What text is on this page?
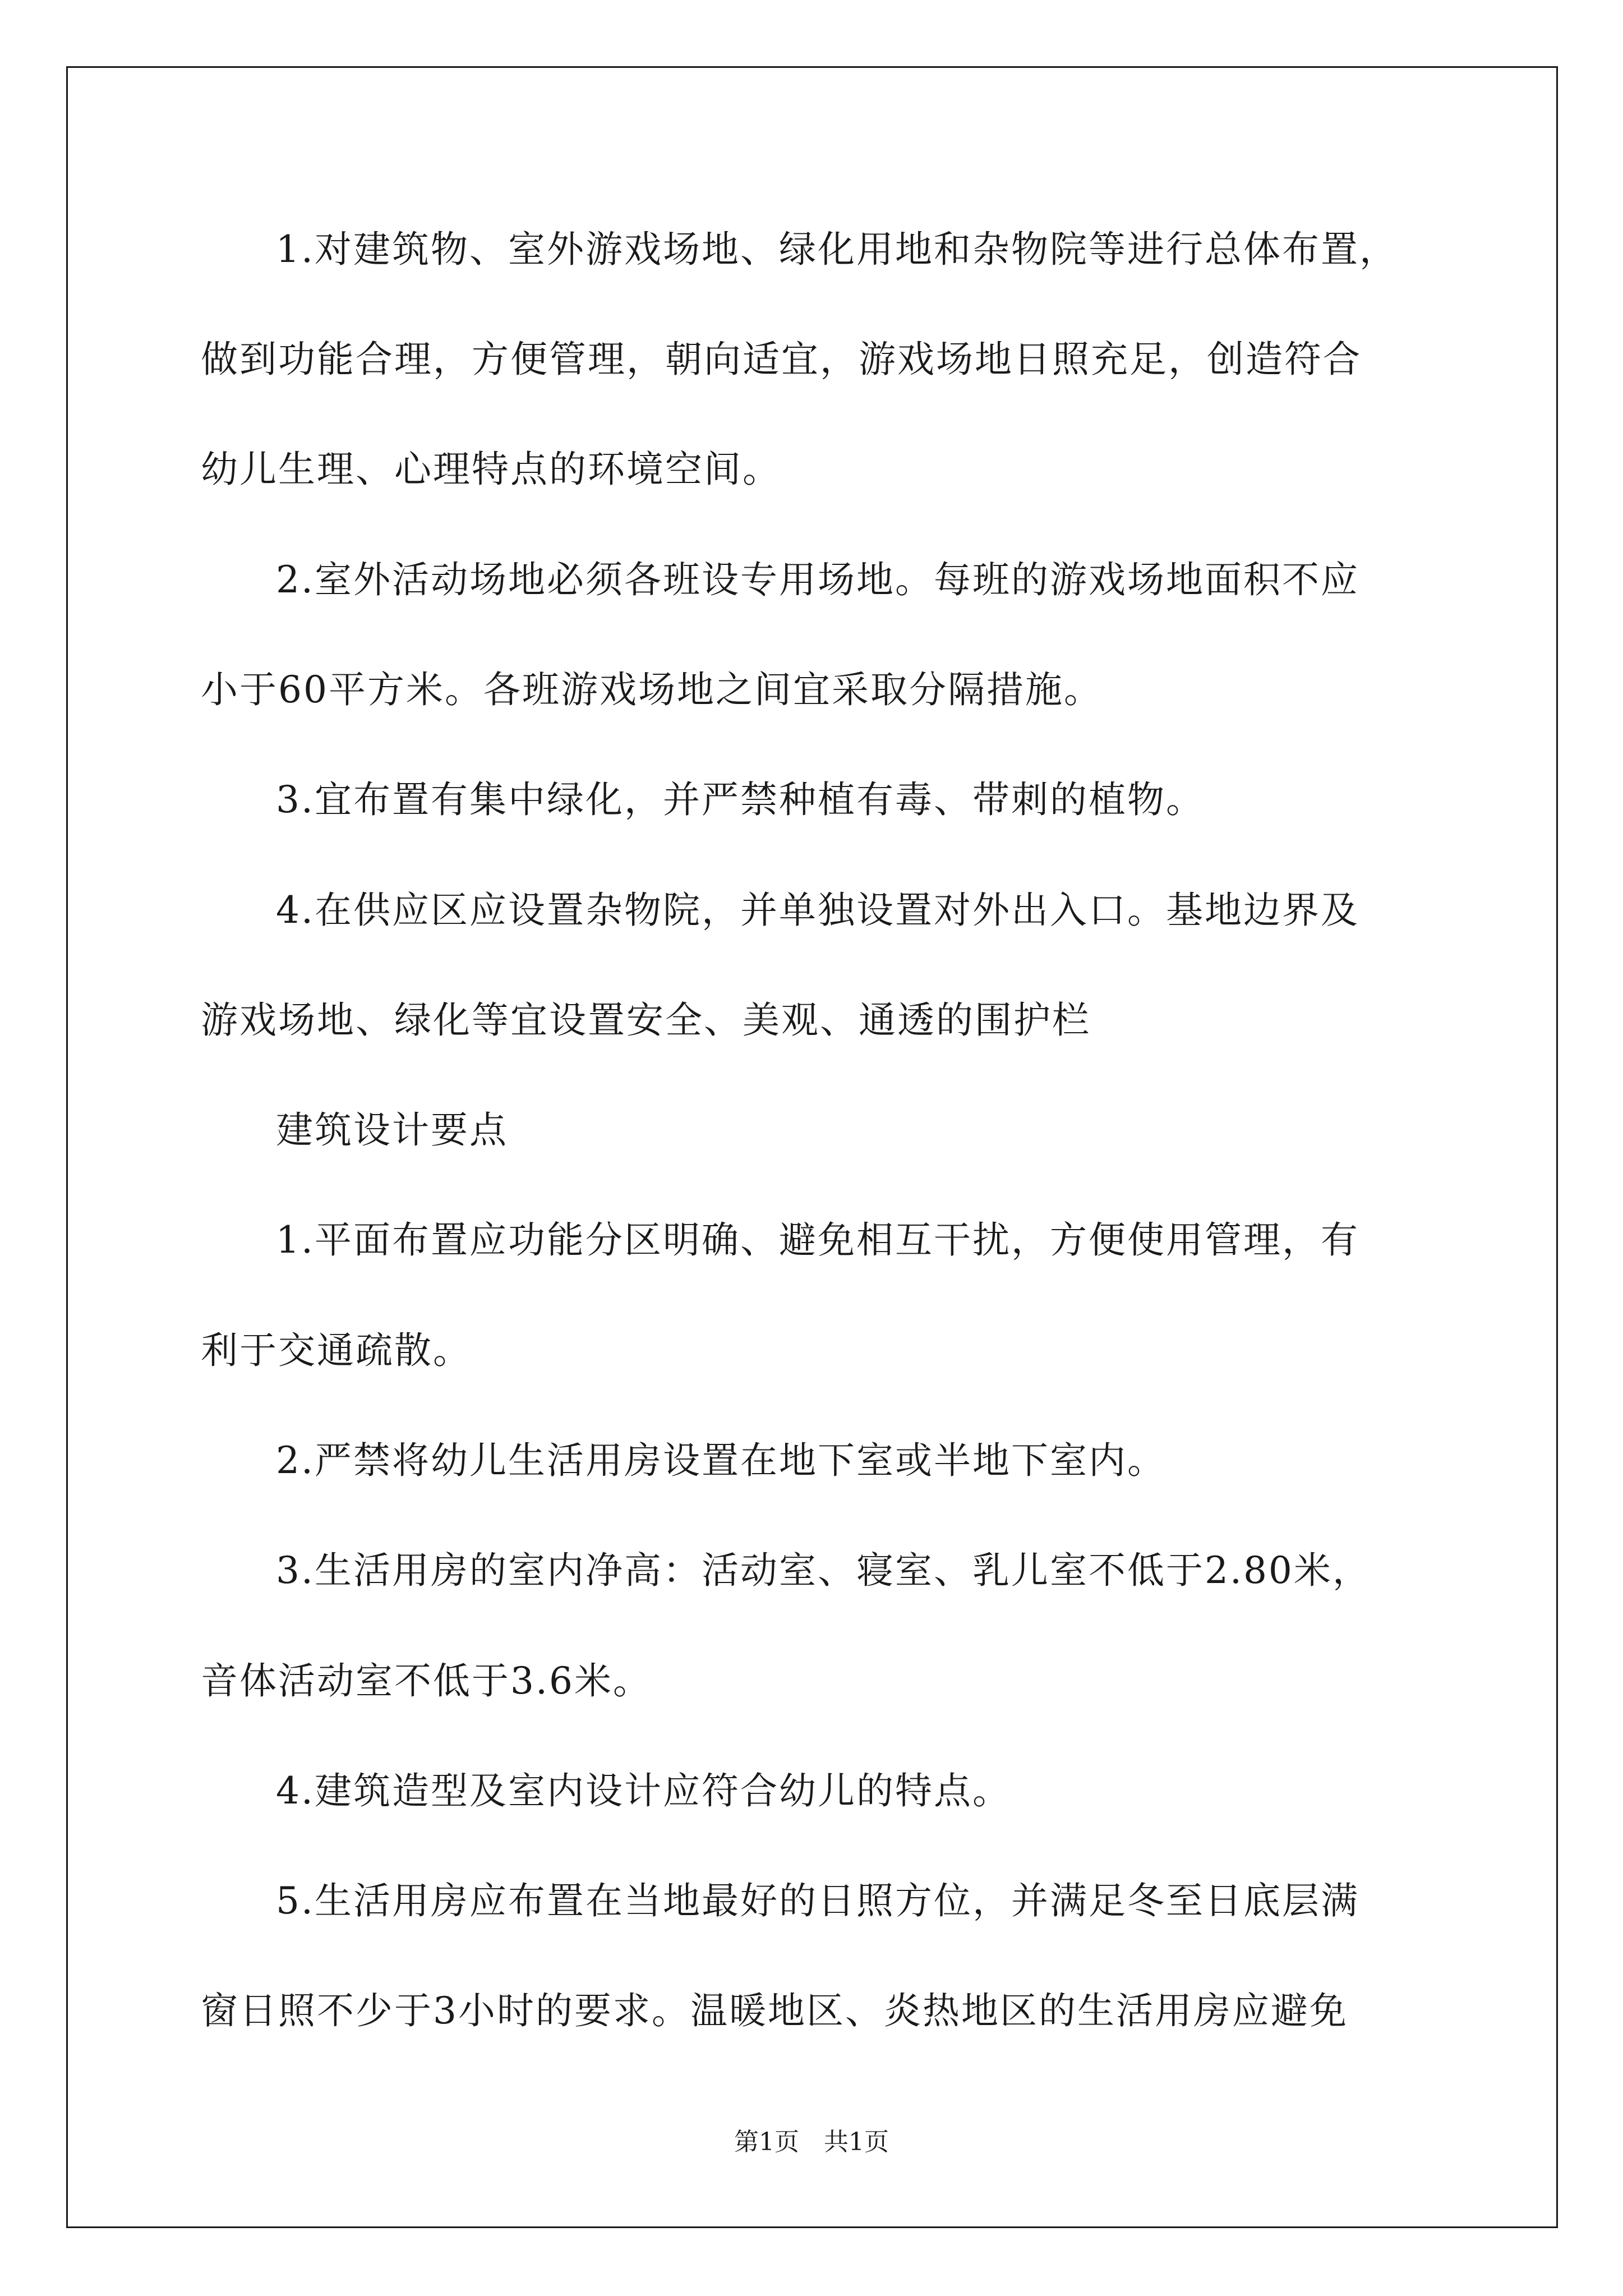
1.对建筑物、室外游戏场地、绿化用地和杂物院等进行总体布置，
做到功能合理，方便管理，朝向适宜，游戏场地日照充足，创造符合
幼儿生理、心理特点的环境空间。
2.室外活动场地必须各班设专用场地。每班的游戏场地面积不应
小于60平方米。各班游戏场地之间宜采取分隔措施。
3.宜布置有集中绿化，并严禁种植有毒、带刺的植物。
4.在供应区应设置杂物院，并单独设置对外出入口。基地边界及
游戏场地、绿化等宜设置安全、美观、通透的围护栏
建筑设计要点
1.平面布置应功能分区明确、避免相互干扰，方便使用管理，有
利于交通疏散。
2.严禁将幼儿生活用房设置在地下室或半地下室内。
3.生活用房的室内净高：活动室、寝室、乳儿室不低于2.80米，
音体活动室不低于3.6米。
4.建筑造型及室内设计应符合幼儿的特点。
5.生活用房应布置在当地最好的日照方位，并满足冬至日底层满
窗日照不少于3小时的要求。温暖地区、炎热地区的生活用房应避免
第1页 共1页
